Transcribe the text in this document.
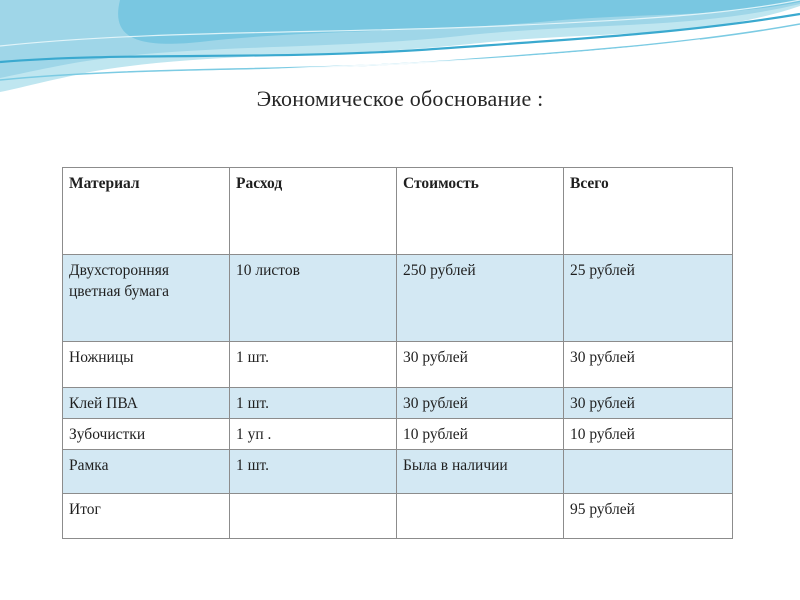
Экономическое обоснование :
Материал	Расход	Стоимость	Всего
Двухсторонняя цветная бумага	10 листов	250 рублей	25 рублей
Ножницы	1 шт.	30 рублей	30 рублей
Клей ПВА	1 шт.	30 рублей	30 рублей
Зубочистки	1 уп .	10 рублей	10 рублей
Рамка	1 шт.	Была в наличии	
Итог			95 рублей
